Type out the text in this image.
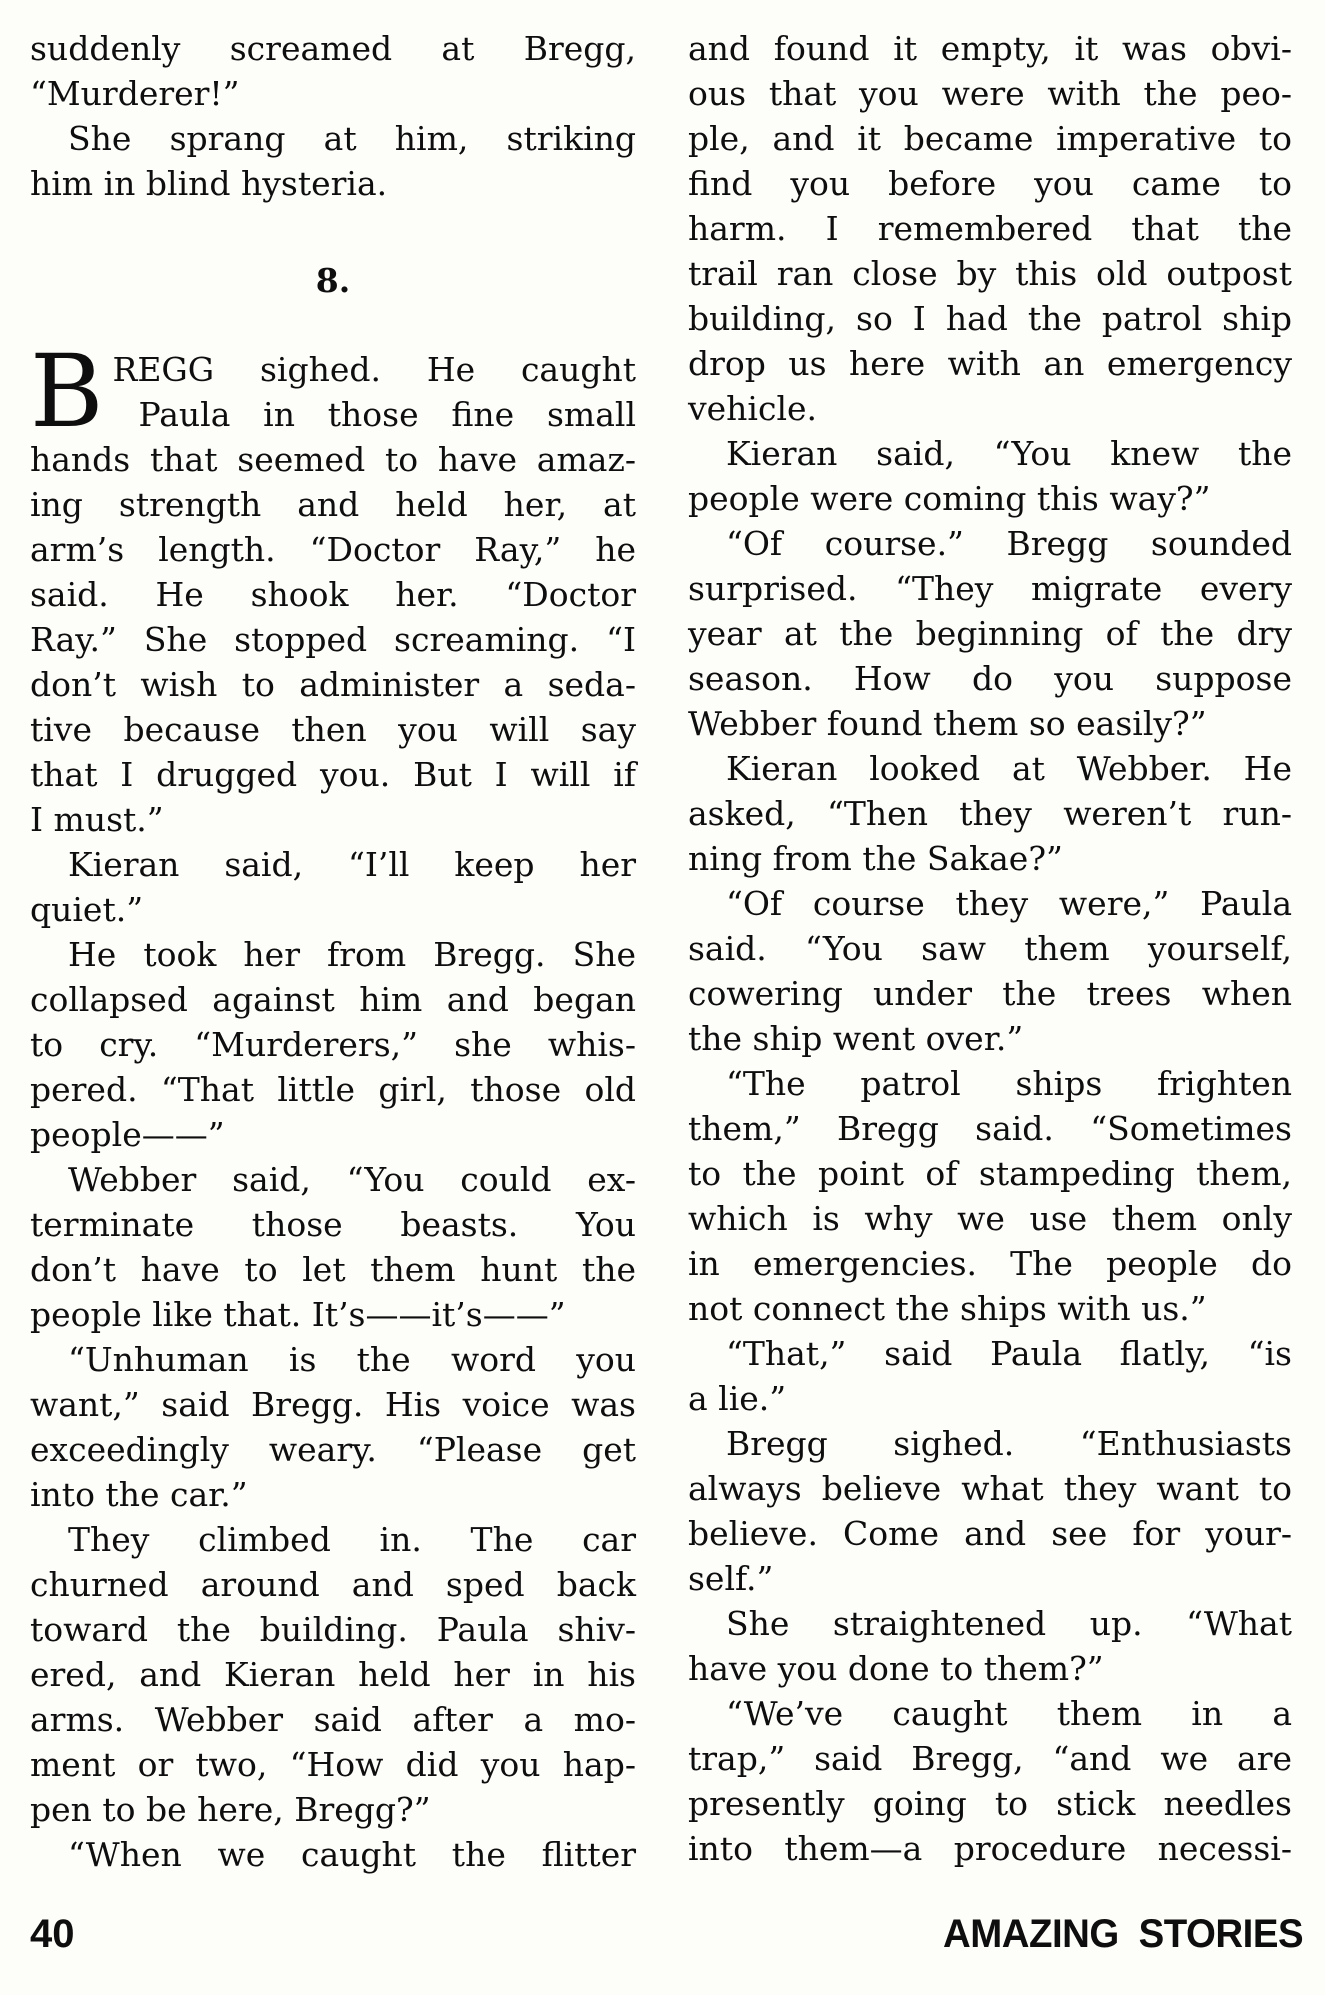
suddenly screamed at Bregg,
“Murderer!”
She sprang at him, striking
him in blind hysteria.
8.
B REGG sighed. He caught
Paula in those fine small
hands that seemed to have amaz-
ing strength and held her, at
arm’s length. “Doctor Ray,” he
said. He shook her. “Doctor
Ray.” She stopped screaming. “I
don’t wish to administer a seda-
tive because then you will say
that I drugged you. But I will if
I must.”
Kieran said, “I’ll keep her
quiet.”
He took her from Bregg. She
collapsed against him and began
to cry. “Murderers,” she whis-
pered. “That little girl, those old
people——”
Webber said, “You could ex-
terminate those beasts. You
don’t have to let them hunt the
people like that. It’s——it’s——”
“Unhuman is the word you
want,” said Bregg. His voice was
exceedingly weary. “Please get
into the car.”
They climbed in. The car
churned around and sped back
toward the building. Paula shiv-
ered, and Kieran held her in his
arms. Webber said after a mo-
ment or two, “How did you hap-
pen to be here, Bregg?”
“When we caught the flitter
and found it empty, it was obvi-
ous that you were with the peo-
ple, and it became imperative to
find you before you came to
harm. I remembered that the
trail ran close by this old outpost
building, so I had the patrol ship
drop us here with an emergency
vehicle.
Kieran said, “You knew the
people were coming this way?”
“Of course.” Bregg sounded
surprised. “They migrate every
year at the beginning of the dry
season. How do you suppose
Webber found them so easily?”
Kieran looked at Webber. He
asked, “Then they weren’t run-
ning from the Sakae?”
“Of course they were,” Paula
said. “You saw them yourself,
cowering under the trees when
the ship went over.”
“The patrol ships frighten
them,” Bregg said. “Sometimes
to the point of stampeding them,
which is why we use them only
in emergencies. The people do
not connect the ships with us.”
“That,” said Paula flatly, “is
a lie.”
Bregg sighed. “Enthusiasts
always believe what they want to
believe. Come and see for your-
self.”
She straightened up. “What
have you done to them?”
“We’ve caught them in a
trap,” said Bregg, “and we are
presently going to stick needles
into them—a procedure necessi-
40	AMAZING STORIES
